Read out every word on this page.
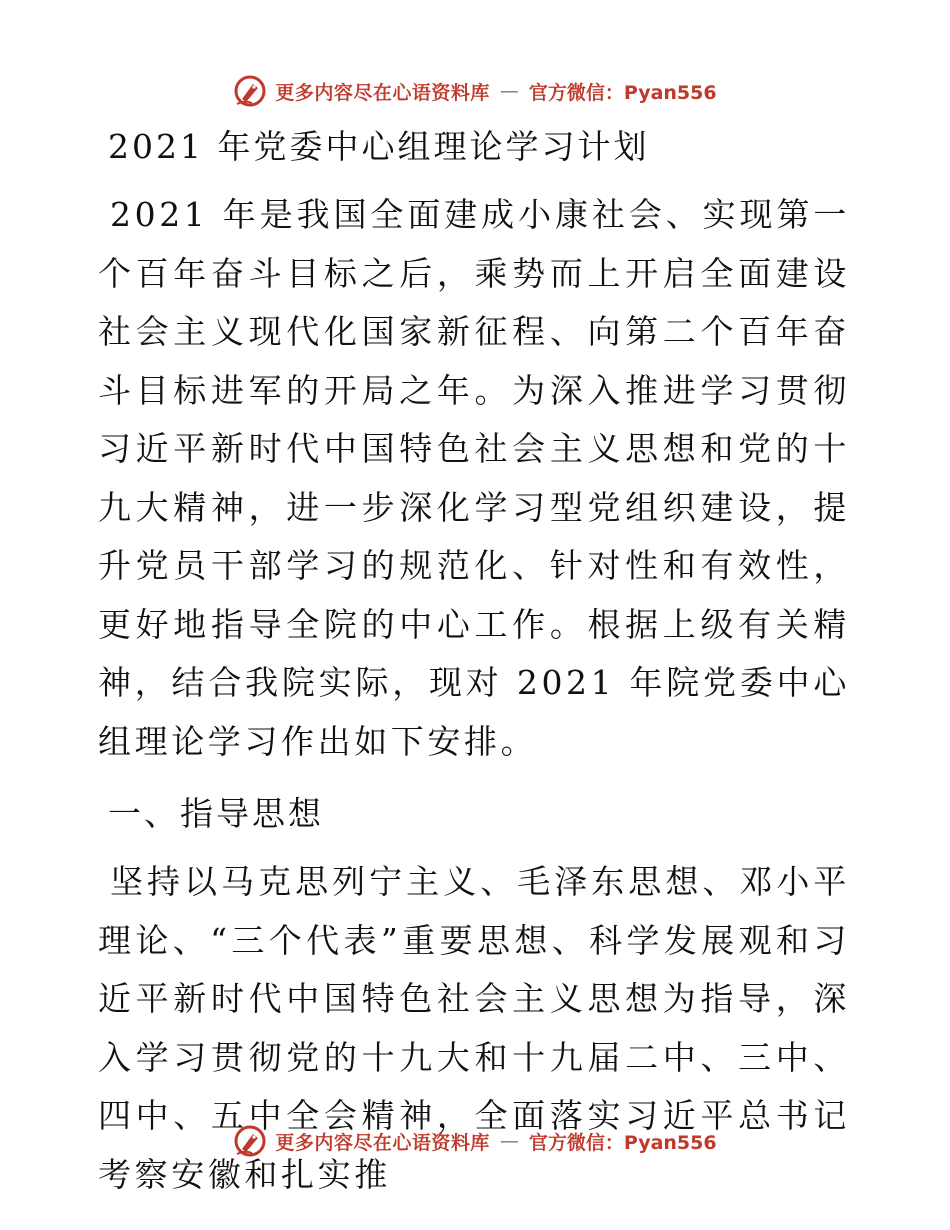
更多内容尽在心语资料库 — 官方微信：Pyan556
2021 年党委中心组理论学习计划

2021 年是我国全面建成小康社会、实现第一个百年奋斗目标之后，乘势而上开启全面建设社会主义现代化国家新征程、向第二个百年奋斗目标进军的开局之年。为深入推进学习贯彻习近平新时代中国特色社会主义思想和党的十九大精神，进一步深化学习型党组织建设，提升党员干部学习的规范化、针对性和有效性，更好地指导全院的中心工作。根据上级有关精神，结合我院实际，现对 2021 年院党委中心组理论学习作出如下安排。

一、指导思想

坚持以马克思列宁主义、毛泽东思想、邓小平理论、“三个代表”重要思想、科学发展观和习近平新时代中国特色社会主义思想为指导，深入学习贯彻党的十九大和十九届二中、三中、四中、五中全会精神，全面落实习近平总书记考察安徽和扎实推

更多内容尽在心语资料库 — 官方微信：Pyan556
